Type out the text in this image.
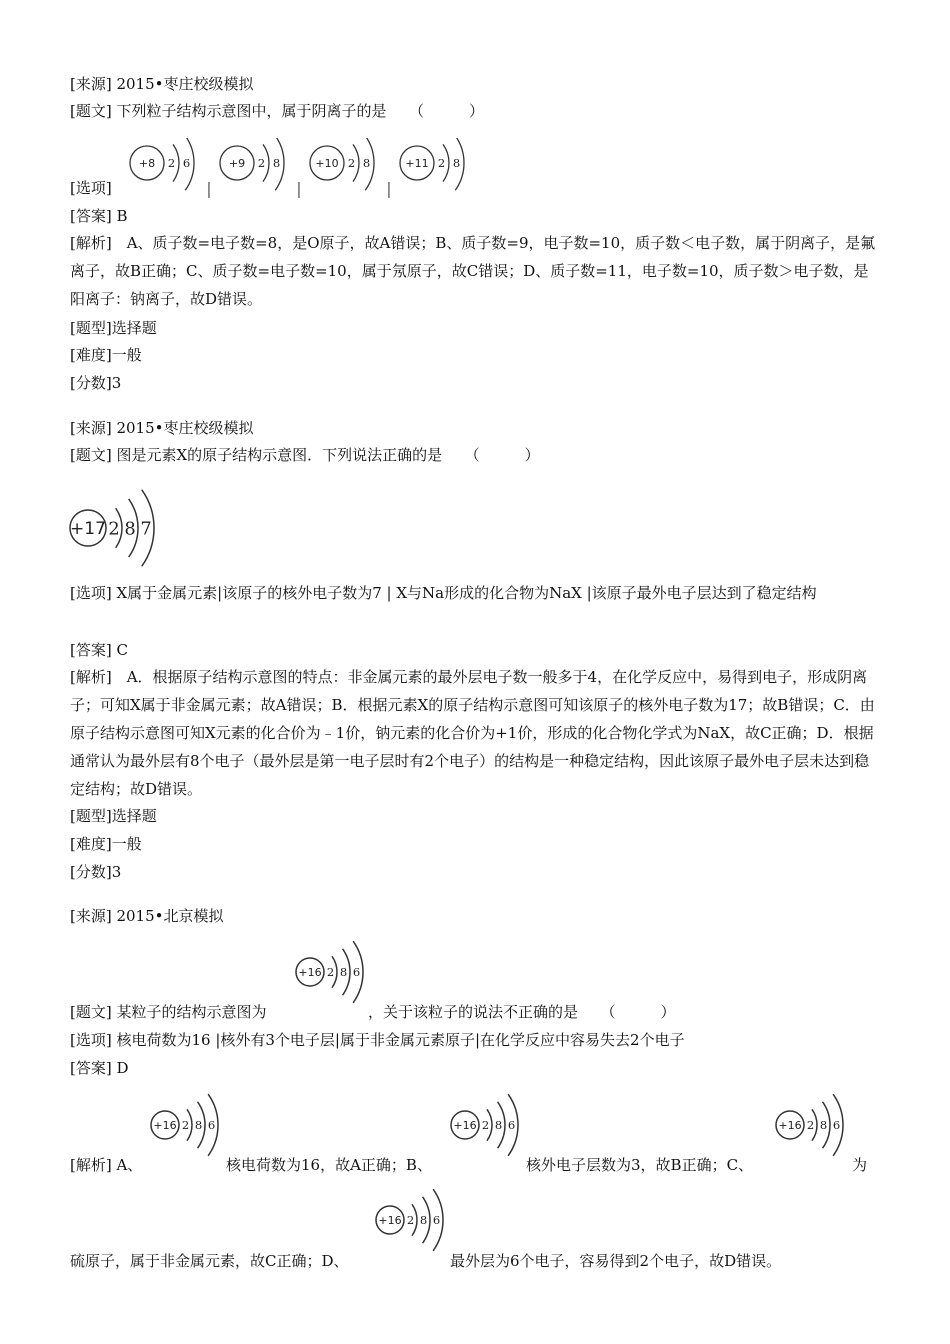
[来源] 2015•枣庄校级模拟
[题文] 下列粒子结构示意图中，属于阴离子的是　　（　　　）
[选项]
+8 2 6
|
+9 2 8
|
+10 2 8
|
+11 2 8
[答案] B
[解析]　A、质子数=电子数=8，是O原子，故A错误；B、质子数=9，电子数=10，质子数＜电子数，属于阴离子，是氟离子，故B正确；C、质子数=电子数=10，属于氖原子，故C错误；D、质子数=11，电子数=10，质子数＞电子数，是阳离子：钠离子，故D错误。
[题型]选择题
[难度]一般
[分数]3
[来源] 2015•枣庄校级模拟
[题文] 图是元素X的原子结构示意图．下列说法正确的是　　（　　　）
+17 2 8 7
[选项] X属于金属元素|该原子的核外电子数为7 | X与Na形成的化合物为NaX |该原子最外电子层达到了稳定结构
[答案] C
[解析]　A．根据原子结构示意图的特点：非金属元素的最外层电子数一般多于4，在化学反应中，易得到电子，形成阴离子；可知X属于非金属元素；故A错误；B．根据元素X的原子结构示意图可知该原子的核外电子数为17；故B错误；C．由原子结构示意图可知X元素的化合价为﹣1价，钠元素的化合价为+1价，形成的化合物化学式为NaX，故C正确；D．根据通常认为最外层有8个电子（最外层是第一电子层时有2个电子）的结构是一种稳定结构，因此该原子最外电子层未达到稳定结构；故D错误。
[题型]选择题
[难度]一般
[分数]3
[来源] 2015•北京模拟
[题文] 某粒子的结构示意图为
+16 2 8 6
，关于该粒子的说法不正确的是　　（　　　）
[选项] 核电荷数为16 |核外有3个电子层|属于非金属元素原子|在化学反应中容易失去2个电子
[答案] D
[解析] A、
+16 2 8 6
核电荷数为16，故A正确；B、
+16 2 8 6
核外电子层数为3，故B正确；C、
+16 2 8 6
为
硫原子，属于非金属元素，故C正确；D、
+16 2 8 6
最外层为6个电子，容易得到2个电子，故D错误。
